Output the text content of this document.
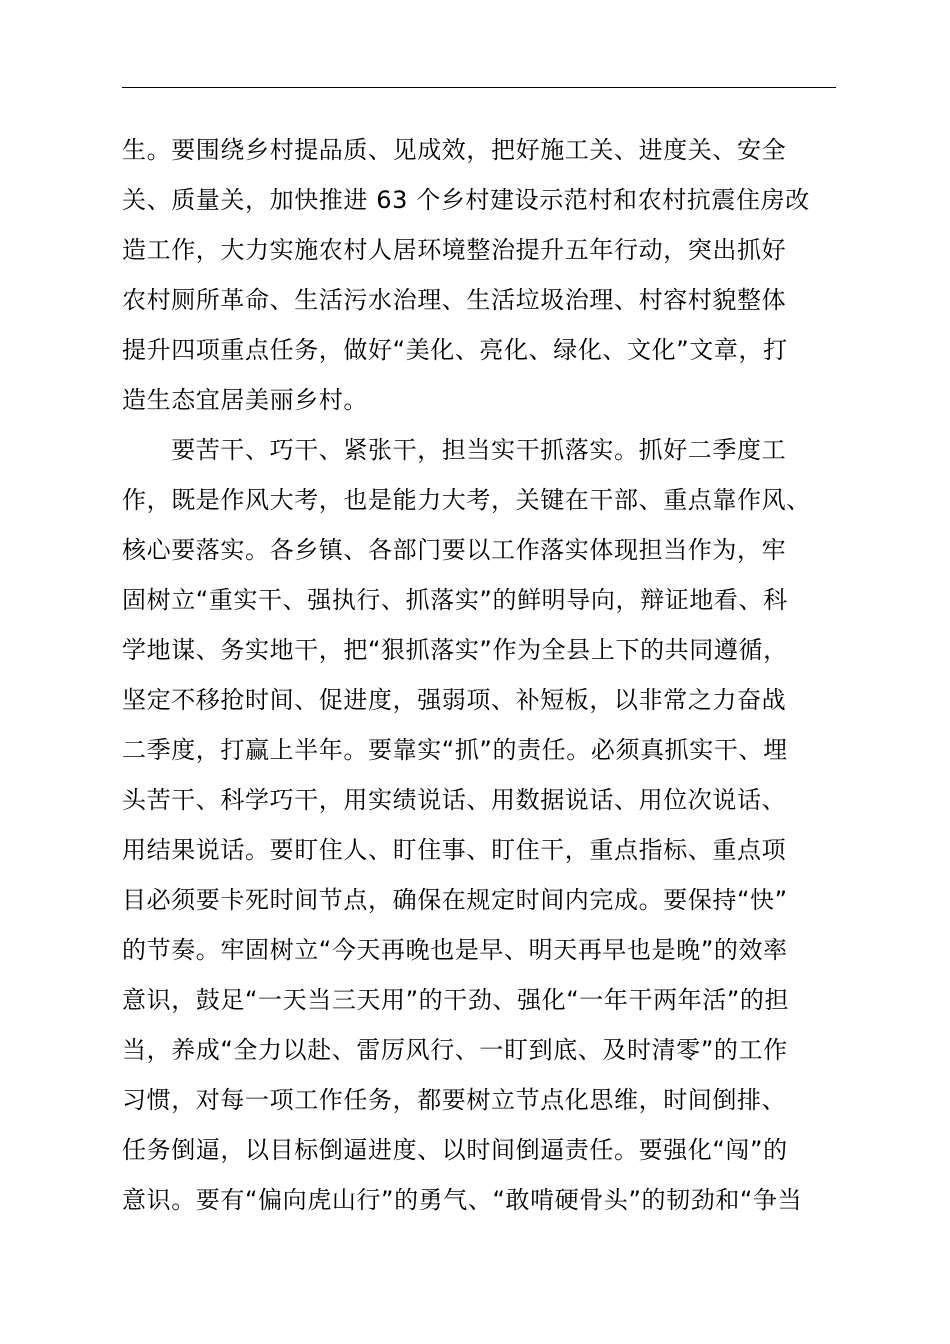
生。要围绕乡村提品质、见成效，把好施工关、进度关、安全
关、质量关，加快推进 63 个乡村建设示范村和农村抗震住房改
造工作，大力实施农村人居环境整治提升五年行动，突出抓好
农村厕所革命、生活污水治理、生活垃圾治理、村容村貌整体
提升四项重点任务，做好“美化、亮化、绿化、文化”文章，打
造生态宜居美丽乡村。
　　要苦干、巧干、紧张干，担当实干抓落实。抓好二季度工
作，既是作风大考，也是能力大考，关键在干部、重点靠作风、
核心要落实。各乡镇、各部门要以工作落实体现担当作为，牢
固树立“重实干、强执行、抓落实”的鲜明导向，辩证地看、科
学地谋、务实地干，把“狠抓落实”作为全县上下的共同遵循，
坚定不移抢时间、促进度，强弱项、补短板，以非常之力奋战
二季度，打赢上半年。要靠实“抓”的责任。必须真抓实干、埋
头苦干、科学巧干，用实绩说话、用数据说话、用位次说话、
用结果说话。要盯住人、盯住事、盯住干，重点指标、重点项
目必须要卡死时间节点，确保在规定时间内完成。要保持“快”
的节奏。牢固树立“今天再晚也是早、明天再早也是晚”的效率
意识，鼓足“一天当三天用”的干劲、强化“一年干两年活”的担
当，养成“全力以赴、雷厉风行、一盯到底、及时清零”的工作
习惯，对每一项工作任务，都要树立节点化思维，时间倒排、
任务倒逼，以目标倒逼进度、以时间倒逼责任。要强化“闯”的
意识。要有“偏向虎山行”的勇气、“敢啃硬骨头”的韧劲和“争当
